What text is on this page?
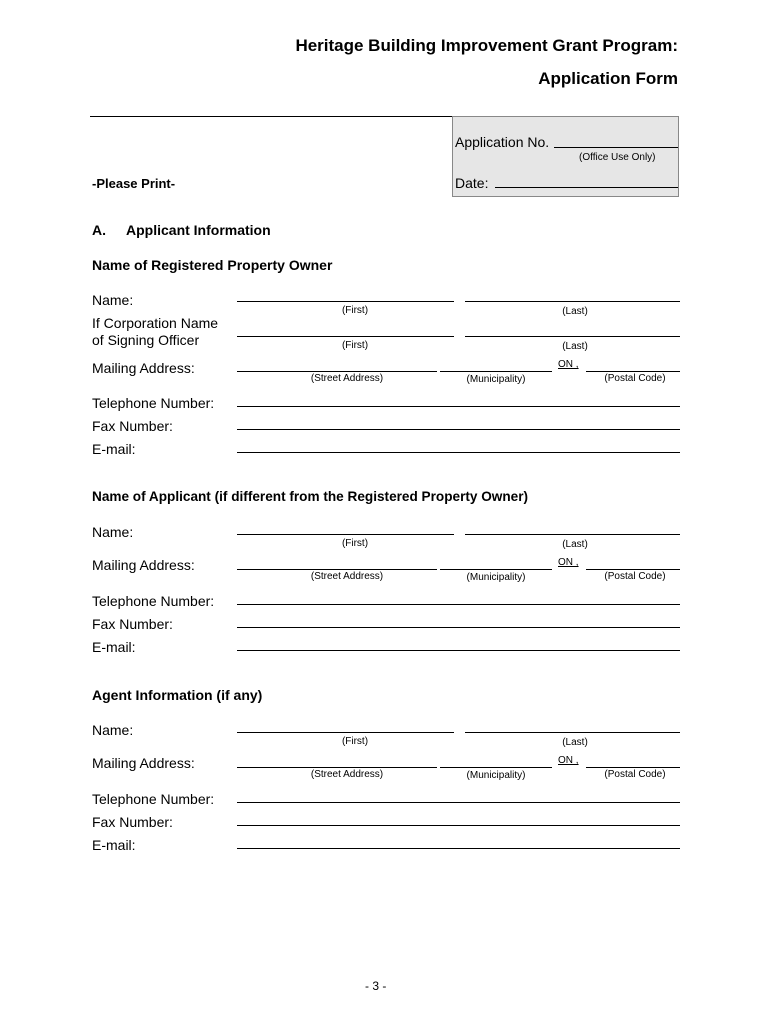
Heritage Building Improvement Grant Program:
Application Form
Application No.
(Office Use Only)
Date:
-Please Print-
A. Applicant Information
Name of Registered Property Owner
Name:
(First)	(Last)
If Corporation Name
of Signing Officer	(First)	(Last)
Mailing Address:	ON ,
(Street Address)	(Municipality)	(Postal Code)
Telephone Number:
Fax Number:
E-mail:
Name of Applicant (if different from the Registered Property Owner)
Name:
(First)	(Last)
Mailing Address:	ON ,
(Street Address)	(Municipality)	(Postal Code)
Telephone Number:
Fax Number:
E-mail:
Agent Information (if any)
Name:
(First)	(Last)
Mailing Address:	ON ,
(Street Address)	(Municipality)	(Postal Code)
Telephone Number:
Fax Number:
E-mail:
- 3 -
